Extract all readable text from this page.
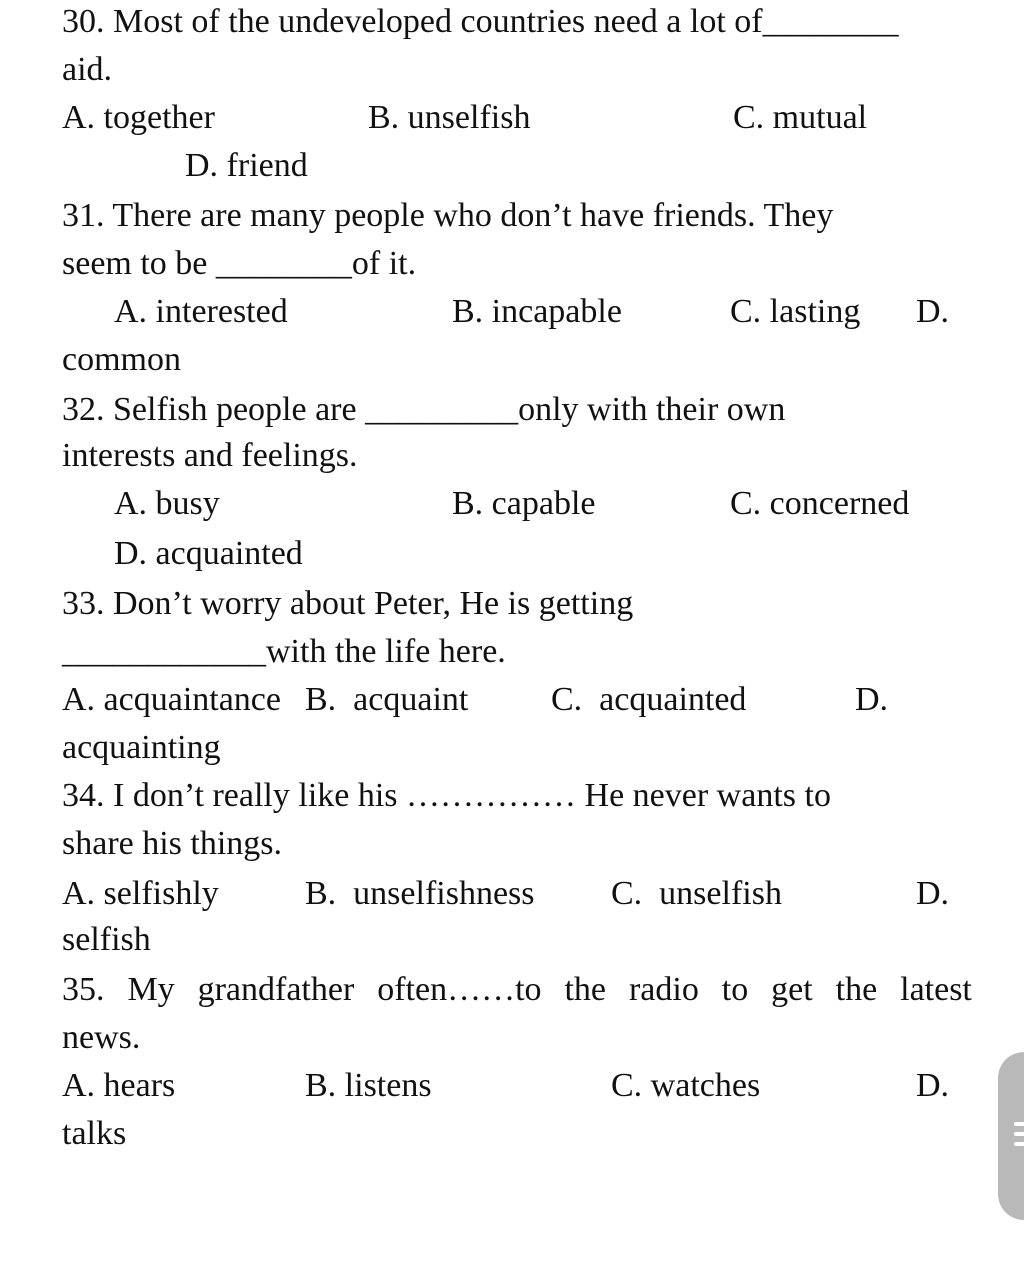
30. Most of the undeveloped countries need a lot of________
aid.
A. together	B. unselfish	C. mutual
D. friend
31. There are many people who don’t have friends. They
seem to be ________of it.
A. interested	B. incapable	C. lasting D.
common
32. Selfish people are _________only with their own
interests and feelings.
A. busy	B. capable	C. concerned
D. acquainted
33. Don’t worry about Peter, He is getting
____________with the life here.
A. acquaintance B.  acquaint C.  acquainted	D.
acquainting
34. I don’t really like his …………… He never wants to
share his things.
A. selfishly	B.  unselfishness C.  unselfish	D.
selfish
35. My grandfather often……to the radio to get the latest
news.
A. hears	B. listens	C. watches	D.
talks
